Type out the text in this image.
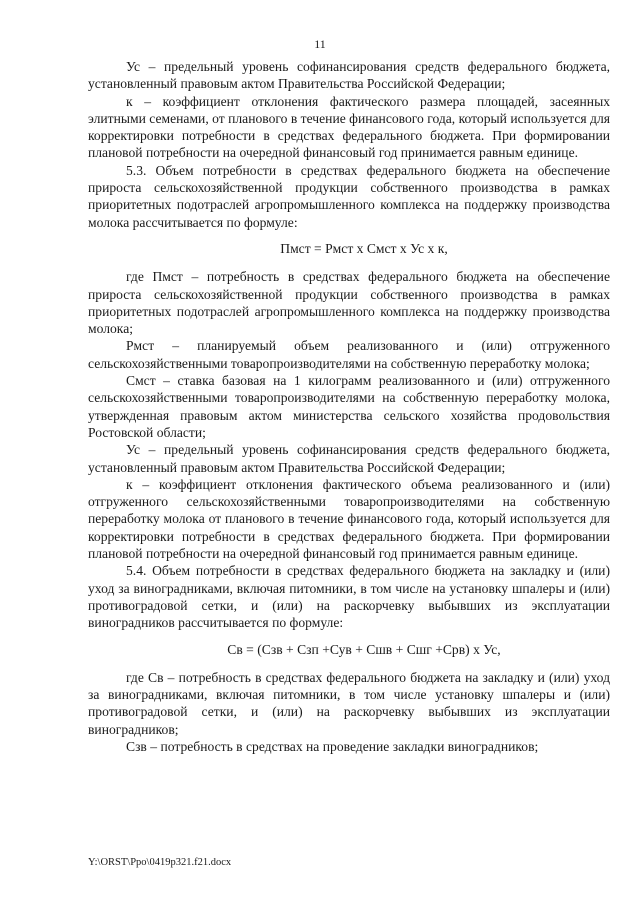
11

Ус – предельный уровень софинансирования средств федерального бюджета, установленный правовым актом Правительства Российской Федерации;

к – коэффициент отклонения фактического размера площадей, засеянных элитными семенами, от планового в течение финансового года, который используется для корректировки потребности в средствах федерального бюджета. При формировании плановой потребности на очередной финансовый год принимается равным единице.

5.3. Объем потребности в средствах федерального бюджета на обеспечение прироста сельскохозяйственной продукции собственного производства в рамках приоритетных подотраслей агропромышленного комплекса на поддержку производства молока рассчитывается по формуле:

Пмст = Рмст х Смст х Ус х к,

где Пмст – потребность в средствах федерального бюджета на обеспечение прироста сельскохозяйственной продукции собственного производства в рамках приоритетных подотраслей агропромышленного комплекса на поддержку производства молока;

Рмст – планируемый объем реализованного и (или) отгруженного сельскохозяйственными товаропроизводителями на собственную переработку молока;

Смст – ставка базовая на 1 килограмм реализованного и (или) отгруженного сельскохозяйственными товаропроизводителями на собственную переработку молока, утвержденная правовым актом министерства сельского хозяйства продовольствия Ростовской области;

Ус – предельный уровень софинансирования средств федерального бюджета, установленный правовым актом Правительства Российской Федерации;

к – коэффициент отклонения фактического объема реализованного и (или) отгруженного сельскохозяйственными товаропроизводителями на собственную переработку молока от планового в течение финансового года, который используется для корректировки потребности в средствах федерального бюджета. При формировании плановой потребности на очередной финансовый год принимается равным единице.

5.4. Объем потребности в средствах федерального бюджета на закладку и (или) уход за виноградниками, включая питомники, в том числе на установку шпалеры и (или) противоградовой сетки, и (или) на раскорчевку выбывших из эксплуатации виноградников рассчитывается по формуле:

Св = (Сзв + Сзп +Сув + Сшв + Сшг +Срв) х Ус,

где Св – потребность в средствах федерального бюджета на закладку и (или) уход за виноградниками, включая питомники, в том числе установку шпалеры и (или) противоградовой сетки, и (или) на раскорчевку выбывших из эксплуатации виноградников;

Сзв – потребность в средствах на проведение закладки виноградников;

Y:\ORST\Ppo\0419p321.f21.docx
